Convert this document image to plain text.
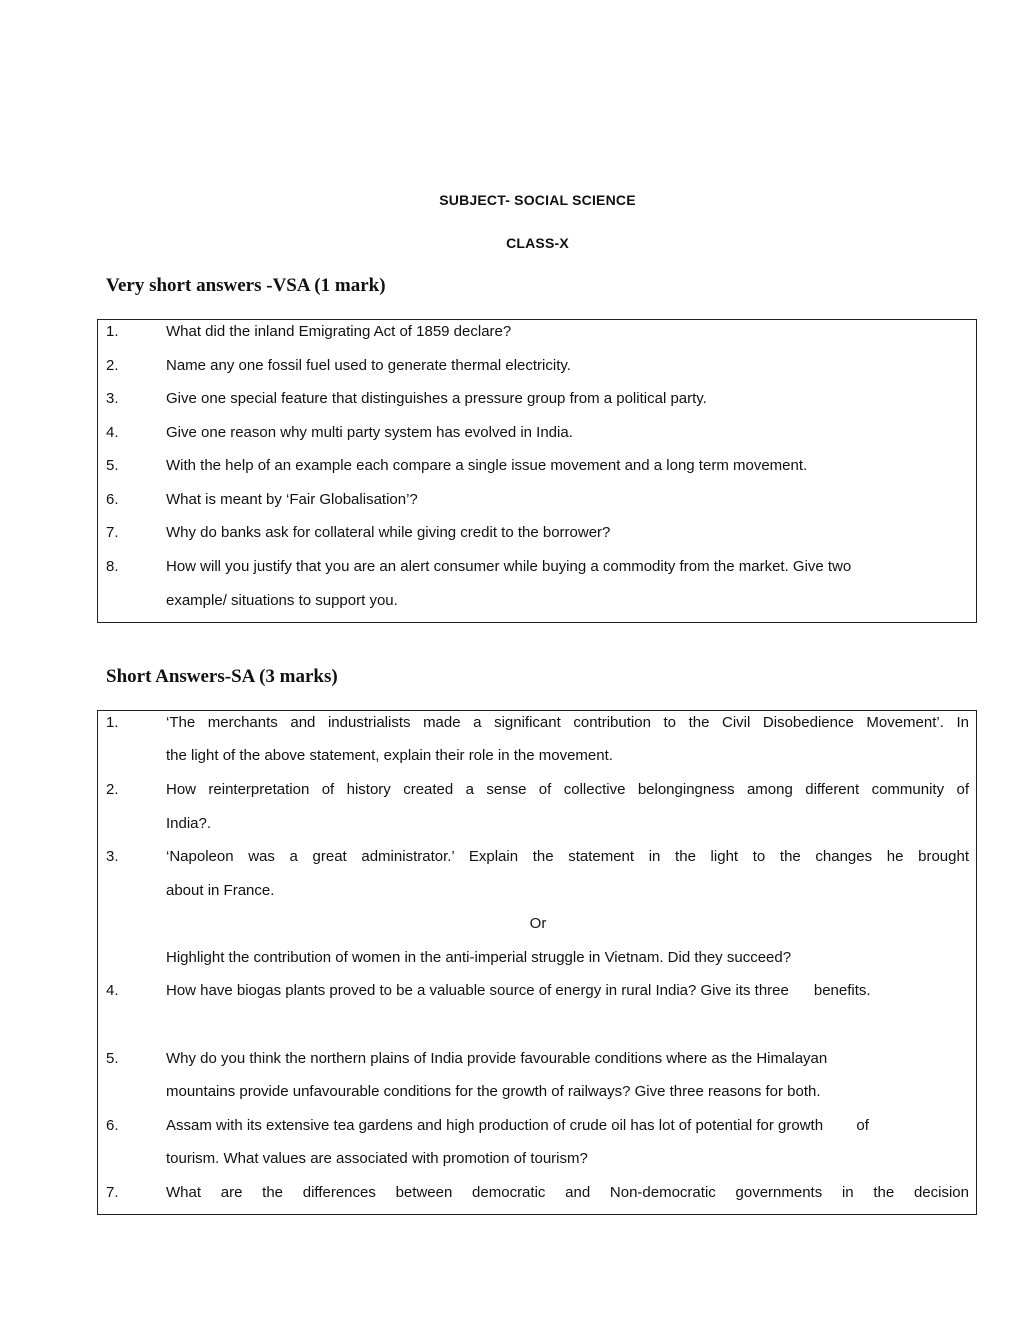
SUBJECT- SOCIAL SCIENCE
CLASS-X
Very short answers -VSA (1 mark)
1.	What did the inland Emigrating Act of 1859 declare?
2.	Name any one fossil fuel used to generate thermal electricity.
3.	Give one special feature that distinguishes a pressure group from a political party.
4.	Give one reason why multi party system has evolved in India.
5.	With the help of an example each compare a single issue movement and a long term movement.
6.	What is meant by ‘Fair Globalisation’?
7.	Why do banks ask for collateral while giving credit to the borrower?
8.	How will you justify that you are an alert consumer while buying a commodity from the market. Give two
example/ situations to support you.
Short Answers-SA (3 marks)
1.	‘The merchants and industrialists made a significant contribution to the Civil Disobedience Movement’. In
the light of the above statement, explain their role in the movement.
2.	How reinterpretation of history created a sense of collective belongingness among different community of
India?.
3.	‘Napoleon was a great administrator.’ Explain the statement in the light to the changes he brought
about in France.
Or
Highlight the contribution of women in the anti-imperial struggle in Vietnam. Did they succeed?
4.	How have biogas plants proved to be a valuable source of energy in rural India? Give its three      benefits.
5.	Why do you think the northern plains of India provide favourable conditions where as the Himalayan
mountains provide unfavourable conditions for the growth of railways? Give three reasons for both.
6.	Assam with its extensive tea gardens and high production of crude oil has lot of potential for growth        of
tourism. What values are associated with promotion of tourism?
7.	What are the differences between democratic and Non-democratic governments in the decision
